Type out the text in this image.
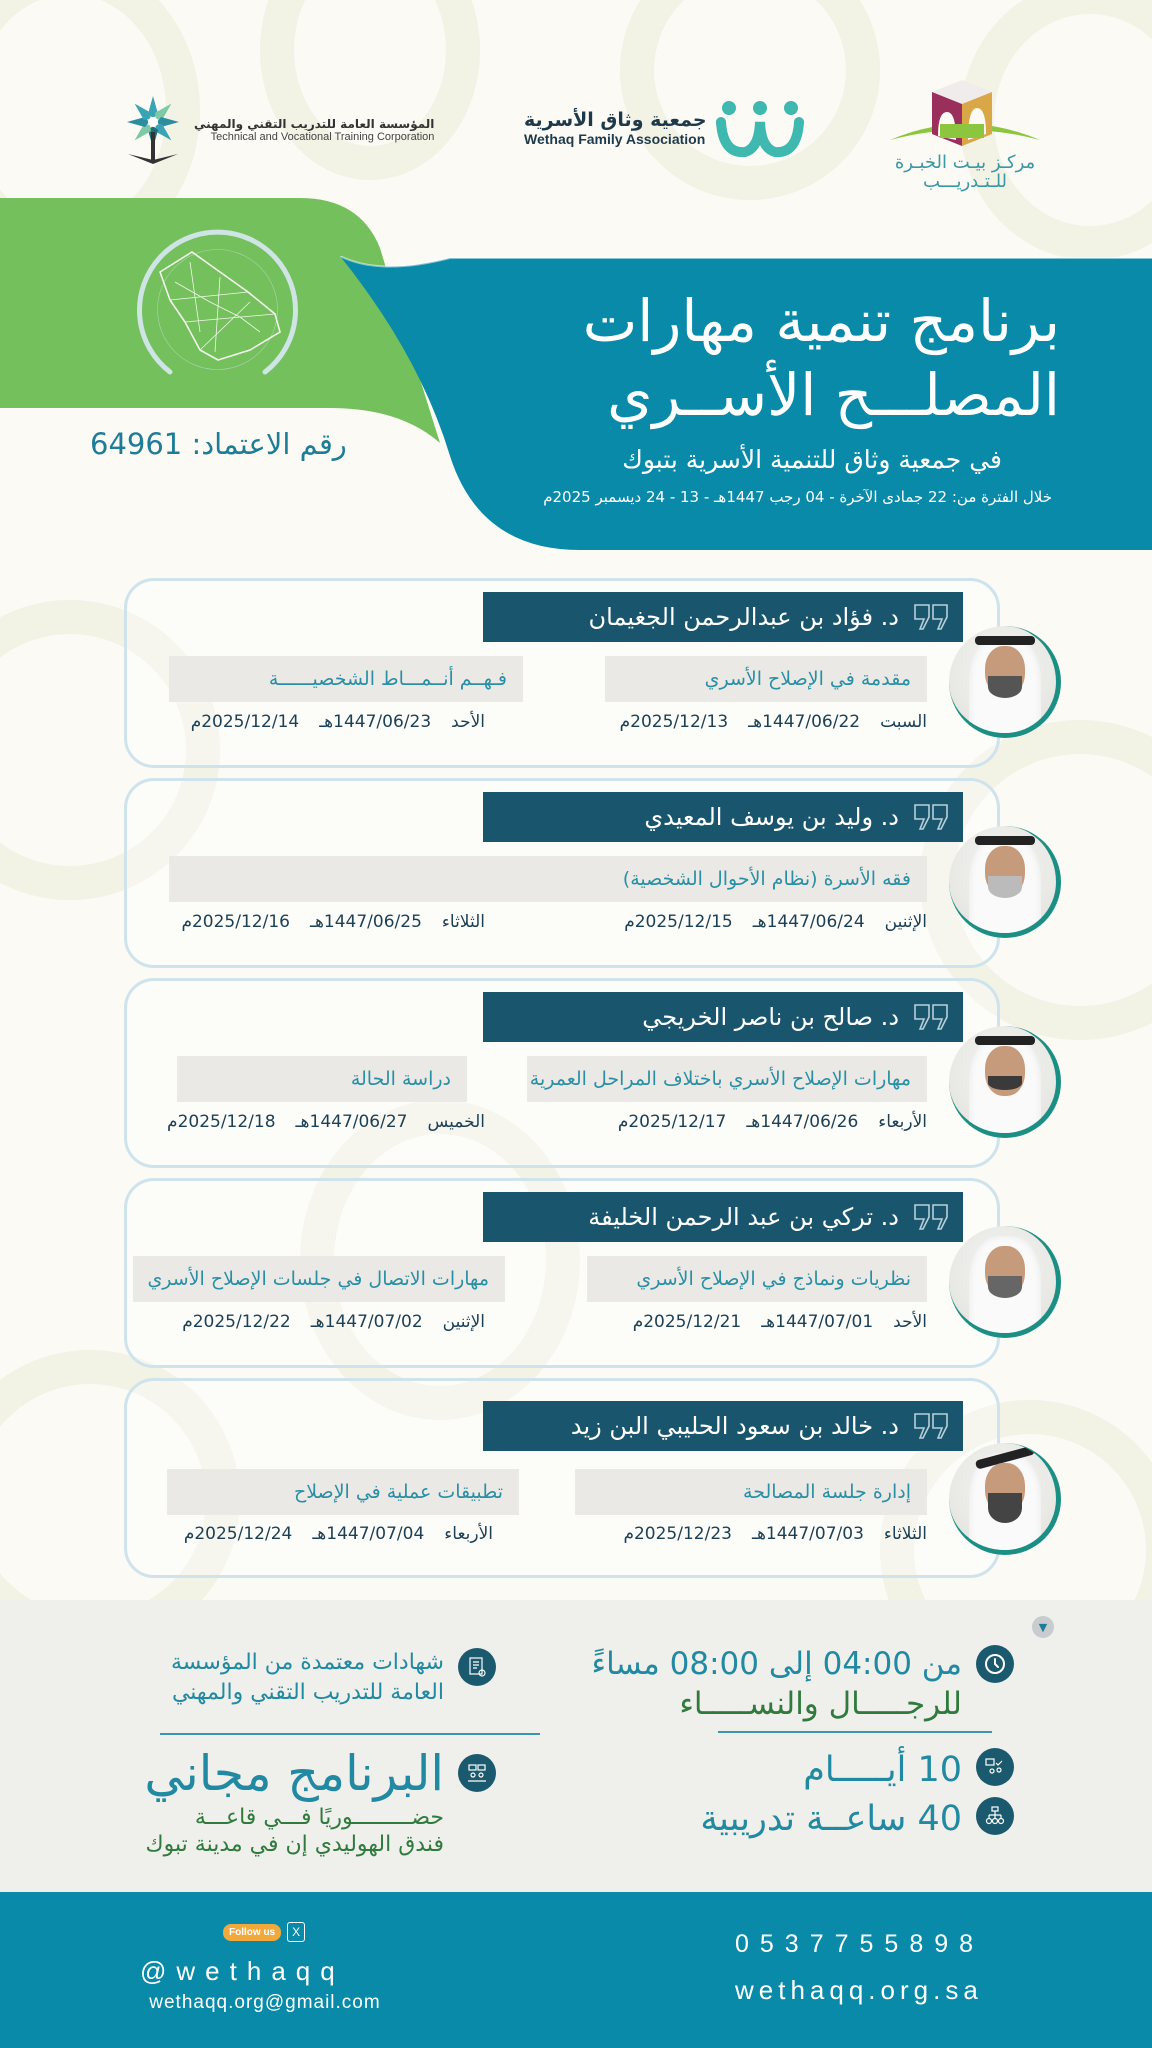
المؤسسة العامة للتدريب التقني والمهني
Technical and Vocational Training Corporation
جمعية وثاق الأسرية
Wethaq Family Association
مركـز بيـت الخبـرة
للـتـدريـــب
برنامج تنمية مهارات
المصلـــح الأســري
في جمعية وثاق للتنمية الأسرية بتبوك
خلال الفترة من: 22 جمادى الآخرة - 04 رجب 1447هـ - 13 - 24 ديسمبر 2025م
رقم الاعتماد: 64961
د. فؤاد بن عبدالرحمن الجغيمان
مقدمة في الإصلاح الأسري
فـهــم أنــمـــاط الشخصيــــــة
السبت
1447/06/22هـ
2025/12/13م
الأحد
1447/06/23هـ
2025/12/14م
د. وليد بن يوسف المعيدي
فقه الأسرة (نظام الأحوال الشخصية)
الإثنين
1447/06/24هـ
2025/12/15م
الثلاثاء
1447/06/25هـ
2025/12/16م
د. صالح بن ناصر الخريجي
مهارات الإصلاح الأسري باختلاف المراحل العمرية
دراسة الحالة
الأربعاء
1447/06/26هـ
2025/12/17م
الخميس
1447/06/27هـ
2025/12/18م
د. تركي بن عبد الرحمن الخليفة
نظريات ونماذج في الإصلاح الأسري
مهارات الاتصال في جلسات الإصلاح الأسري
الأحد
1447/07/01هـ
2025/12/21م
الإثنين
1447/07/02هـ
2025/12/22م
د. خالد بن سعود الحليبي البن زيد
إدارة جلسة المصالحة
تطبيقات عملية في الإصلاح
الثلاثاء
1447/07/03هـ
2025/12/23م
الأربعاء
1447/07/04هـ
2025/12/24م
▼
من 04:00 إلى 08:00 مساءً
للرجـــــال والنســـــاء
10 أيـــــام
40 ساعــة تدريبية
شهادات معتمدة من المؤسسة
العامة للتدريب التقني والمهني
البرنامج مجاني
حضـــــــــوريًا فـــي قاعـــة
فندق الهوليدي إن في مدينة تبوك
Follow us	X
@wethaqq
wethaqq.org@gmail.com
0537755898
wethaqq.org.sa
